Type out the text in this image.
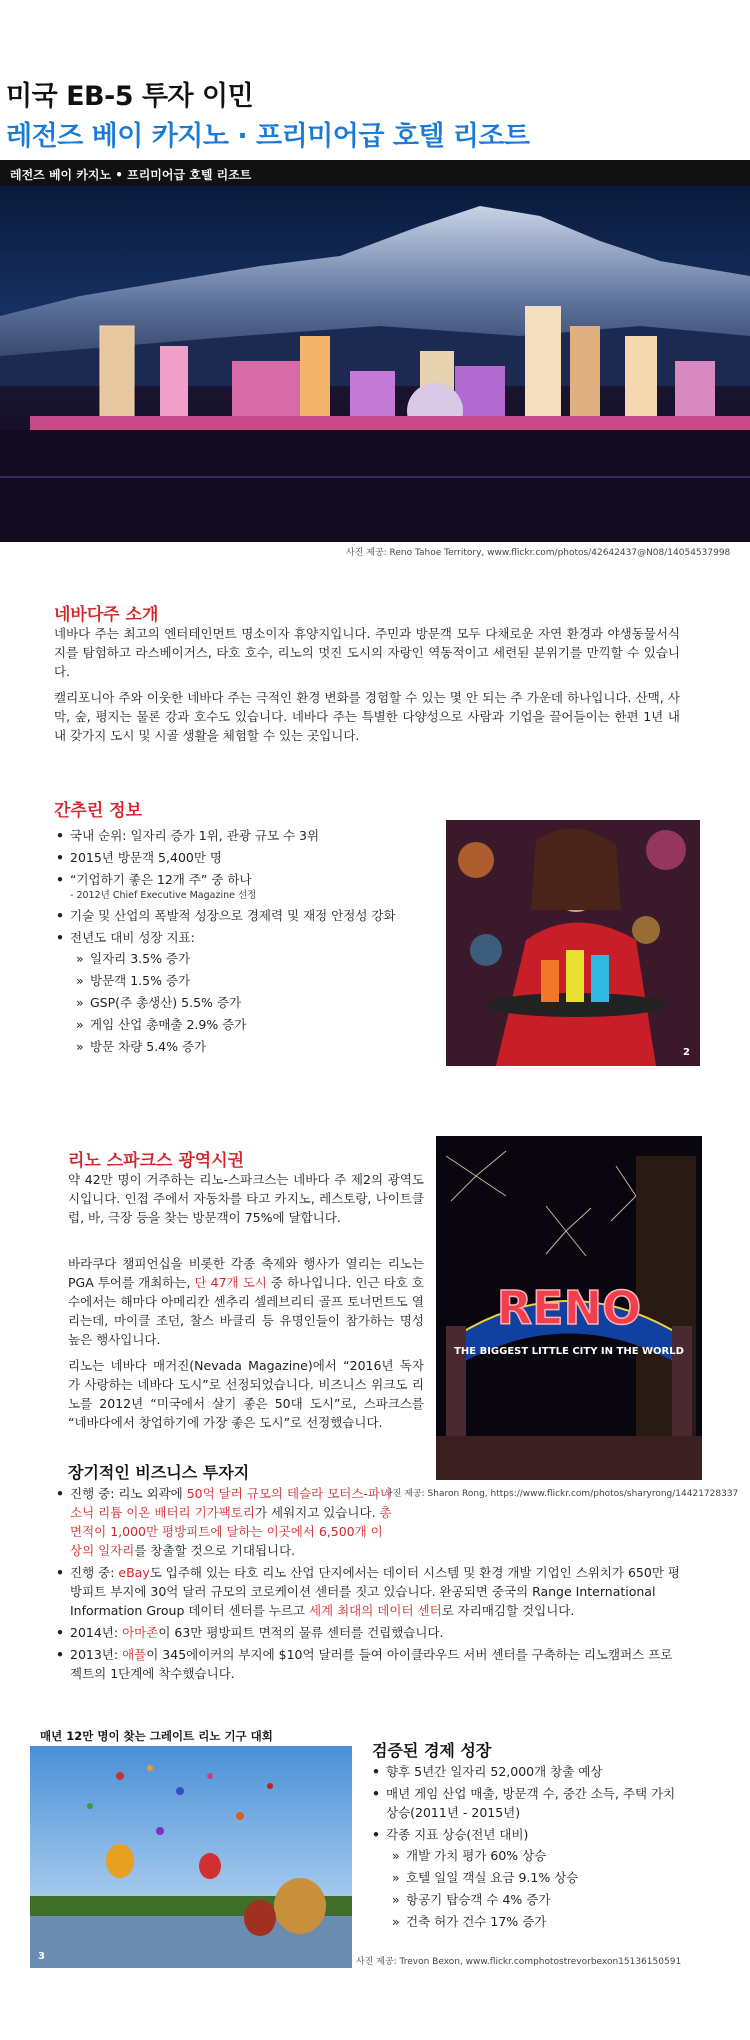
미국 EB-5 투자 이민
레전즈 베이 카지노 · 프리미어급 호텔 리조트
레전즈 베이 카지노 • 프리미어급 호텔 리조트
사진 제공: Reno Tahoe Territory, www.flickr.com/photos/42642437@N08/14054537998
네바다주 소개
네바다 주는 최고의 엔터테인먼트 명소이자 휴양지입니다. 주민과 방문객 모두 다채로운 자연 환경과 야생동물서식지를 탐험하고 라스베이거스, 타호 호수, 리노의 멋진 도시의 자랑인 역동적이고 세련된 분위기를 만끽할 수 있습니다.
캘리포니아 주와 이웃한 네바다 주는 극적인 환경 변화를 경험할 수 있는 몇 안 되는 주 가운데 하나입니다. 산맥, 사막, 숲, 평지는 물론 강과 호수도 있습니다. 네바다 주는 특별한 다양성으로 사람과 기업을 끌어들이는 한편 1년 내내 갖가지 도시 및 시골 생활을 체험할 수 있는 곳입니다.
간추린 정보
• 국내 순위: 일자리 증가 1위, 관광 규모 수 3위
• 2015년 방문객 5,400만 명
• “기업하기 좋은 12개 주” 중 하나
- 2012년 Chief Executive Magazine 선정
• 기술 및 산업의 폭발적 성장으로 경제력 및 재정 안정성 강화
• 전년도 대비 성장 지표:
» 일자리 3.5% 증가
» 방문객 1.5% 증가
» GSP(주 총생산) 5.5% 증가
» 게임 산업 총매출 2.9% 증가
» 방문 차량 5.4% 증가	2
리노 스파크스 광역시권
약 42만 명이 거주하는 리노-스파크스는 네바다 주 제2의 광역도시입니다. 인접 주에서 자동차를 타고 카지노, 레스토랑, 나이트클럽, 바, 극장 등을 찾는 방문객이 75%에 달합니다.
바라쿠다 챔피언십을 비롯한 각종 축제와 행사가 열리는 리노는 PGA 투어를 개최하는, 단 47개 도시 중 하나입니다. 인근 타호 호수에서는 해마다 아메리칸 센추리 셀레브리티 골프 토너먼트도 열리는데, 마이클 조던, 찰스 바클리 등 유명인들이 참가하는 명성 높은 행사입니다.
리노는 네바다 매거진(Nevada Magazine)에서 “2016년 독자가 사랑하는 네바다 도시”로 선정되었습니다. 비즈니스 위크도 리노를 2012년 “미국에서 살기 좋은 50대 도시”로, 스파크스를 “네바다에서 창업하기에 가장 좋은 도시”로 선정했습니다.
RENO
THE BIGGEST LITTLE CITY IN THE WORLD
사진 제공: Sharon Rong, https://www.flickr.com/photos/sharyrong/14421728337
장기적인 비즈니스 투자지
• 진행 중: 리노 외곽에 50억 달러 규모의 테슬라 모터스-파나소닉 리튬 이온 배터리 기가팩토리가 세워지고 있습니다. 총 면적이 1,000만 평방피트에 달하는 이곳에서 6,500개 이상의 일자리를 창출할 것으로 기대됩니다.
• 진행 중: eBay도 입주해 있는 타호 리노 산업 단지에서는 데이터 시스템 및 환경 개발 기업인 스위치가 650만 평방피트 부지에 30억 달러 규모의 코로케이션 센터를 짓고 있습니다. 완공되면 중국의 Range International Information Group 데이터 센터를 누르고 세계 최대의 데이터 센터로 자리매김할 것입니다.
• 2014년: 아마존이 63만 평방피트 면적의 물류 센터를 건립했습니다.
• 2013년: 애플이 345에이커의 부지에 $10억 달러를 들여 아이클라우드 서버 센터를 구축하는 리노캠퍼스 프로젝트의 1단계에 착수했습니다.
매년 12만 명이 찾는 그레이트 리노 기구 대회
3	사진 제공: Trevon Bexon, www.flickr.comphotostrevorbexon15136150591
검증된 경제 성장
• 향후 5년간 일자리 52,000개 창출 예상
• 매년 게임 산업 매출, 방문객 수, 중간 소득, 주택 가치 상승(2011년 - 2015년)
• 각종 지표 상승(전년 대비)
» 개발 가치 평가 60% 상승
» 호텔 일일 객실 요금 9.1% 상승
» 항공기 탑승객 수 4% 증가
» 건축 허가 건수 17% 증가
